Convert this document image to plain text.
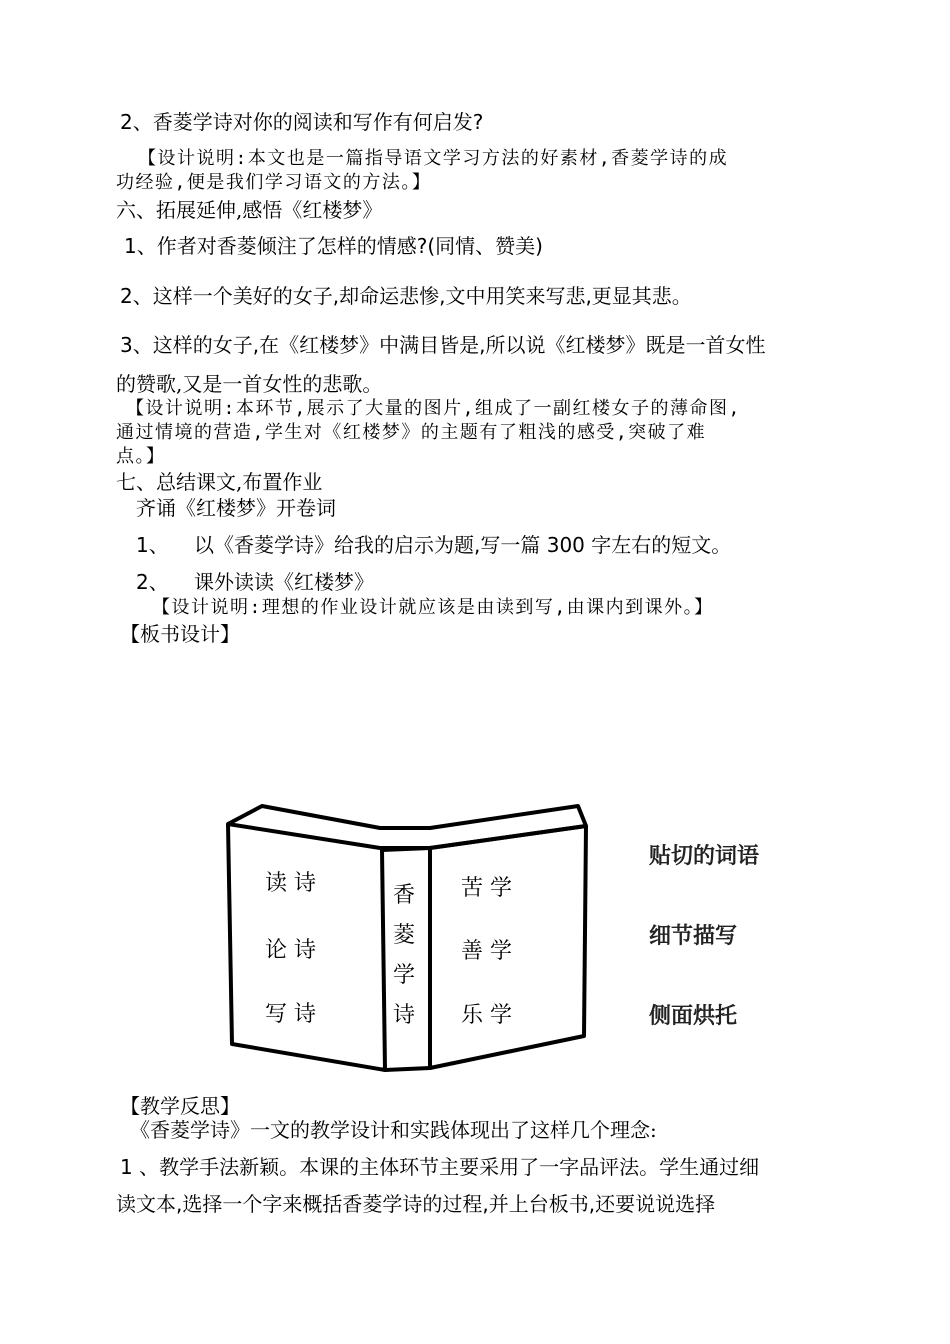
2、香菱学诗对你的阅读和写作有何启发?
【设计说明:本文也是一篇指导语文学习方法的好素材,香菱学诗的成
功经验,便是我们学习语文的方法。】
六、拓展延伸,感悟《红楼梦》
1、作者对香菱倾注了怎样的情感?(同情、赞美)
2、这样一个美好的女子,却命运悲惨,文中用笑来写悲,更显其悲。
3、这样的女子,在《红楼梦》中满目皆是,所以说《红楼梦》既是一首女性
的赞歌,又是一首女性的悲歌。
【设计说明:本环节,展示了大量的图片,组成了一副红楼女子的薄命图,
通过情境的营造,学生对《红楼梦》的主题有了粗浅的感受,突破了难
点。】
七、总结课文,布置作业
齐诵《红楼梦》开卷词
1、 以《香菱学诗》给我的启示为题,写一篇 300 字左右的短文。
2、 课外读读《红楼梦》
【设计说明:理想的作业设计就应该是由读到写,由课内到课外。】
【板书设计】
读 诗
论 诗
写 诗
香
菱
学
诗
苦 学
善 学
乐 学
贴切的词语
细节描写
侧面烘托
【教学反思】
《香菱学诗》一文的教学设计和实践体现出了这样几个理念:
1 、教学手法新颖。本课的主体环节主要采用了一字品评法。学生通过细
读文本,选择一个字来概括香菱学诗的过程,并上台板书,还要说说选择
